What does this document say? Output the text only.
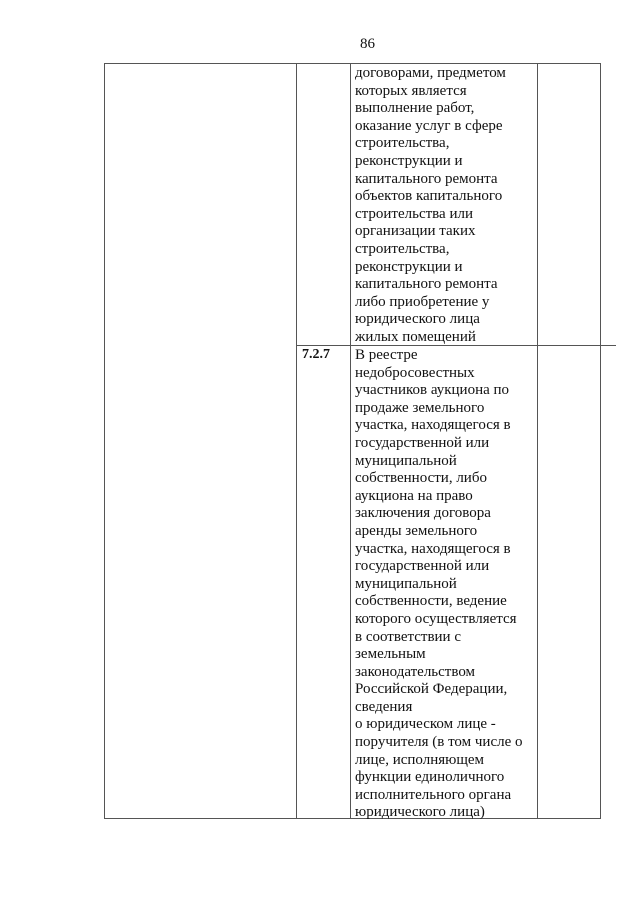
86
договорами, предметом
которых является
выполнение работ,
оказание услуг в сфере
строительства,
реконструкции и
капитального ремонта
объектов капитального
строительства или
организации таких
строительства,
реконструкции и
капитального ремонта
либо приобретение у
юридического лица
жилых помещений
7.2.7 В реестре
недобросовестных
участников аукциона по
продаже земельного
участка, находящегося в
государственной или
муниципальной
собственности, либо
аукциона на право
заключения договора
аренды земельного
участка, находящегося в
государственной или
муниципальной
собственности, ведение
которого осуществляется
в соответствии с
земельным
законодательством
Российской Федерации,
сведения
о юридическом лице -
поручителя (в том числе о
лице, исполняющем
функции единоличного
исполнительного органа
юридического лица)
